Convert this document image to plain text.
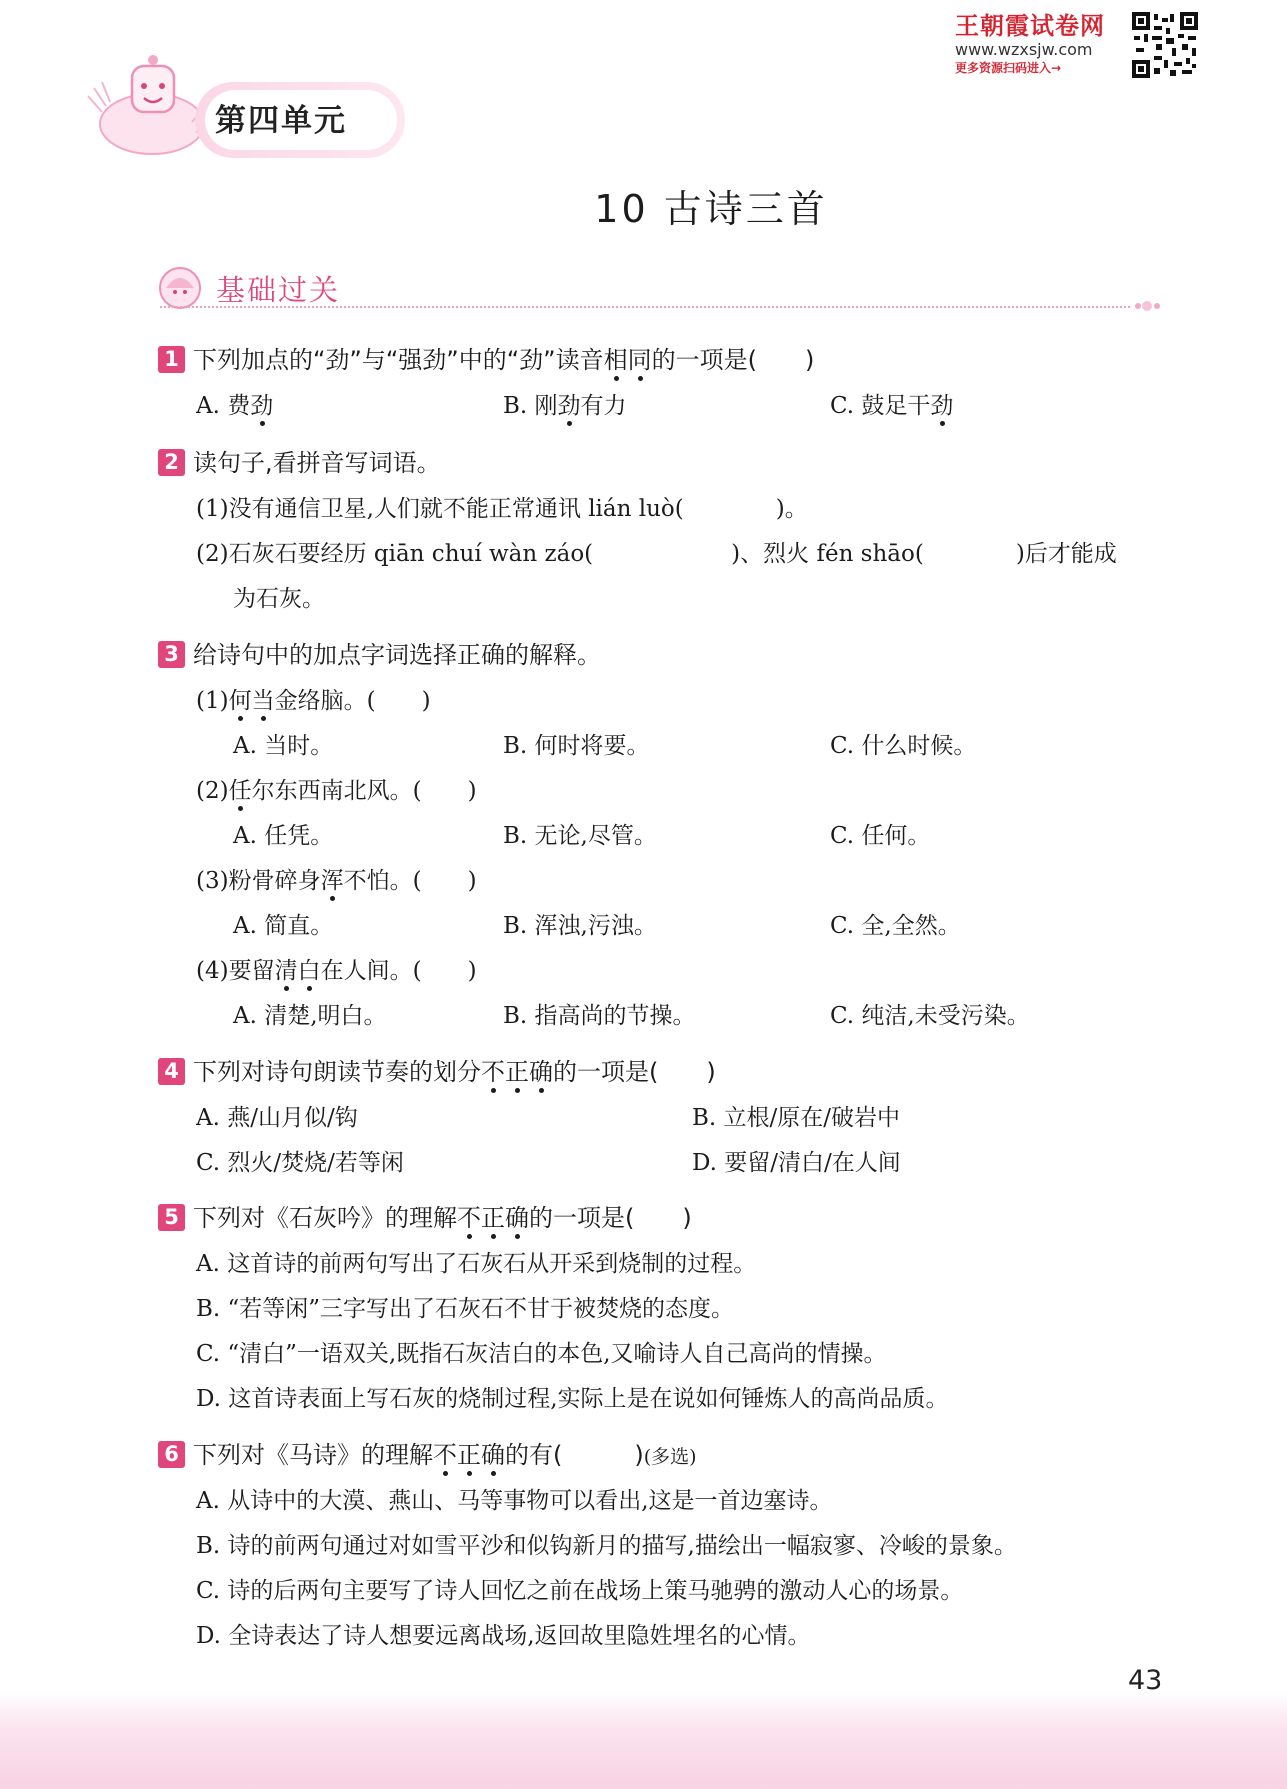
王朝霞试卷网
www.wzxsjw.com
更多资源扫码进入→
第四单元
10 古诗三首
基础过关
1 下列加点的“劲”与“强劲”中的“劲”读音相同的一项是(　　)
A. 费劲	B. 刚劲有力	C. 鼓足干劲
2 读句子,看拼音写词语。
(1)没有通信卫星,人们就不能正常通讯 lián luò(　　　　)。
(2)石灰石要经历 qiān chuí wàn záo(　　　　　　)、烈火 fén shāo(　　　　)后才能成
为石灰。
3 给诗句中的加点字词选择正确的解释。
(1)何当金络脑。(　　)
A. 当时。	B. 何时将要。	C. 什么时候。
(2)任尔东西南北风。(　　)
A. 任凭。	B. 无论,尽管。	C. 任何。
(3)粉骨碎身浑不怕。(　　)
A. 简直。	B. 浑浊,污浊。	C. 全,全然。
(4)要留清白在人间。(　　)
A. 清楚,明白。	B. 指高尚的节操。	C. 纯洁,未受污染。
4 下列对诗句朗读节奏的划分不正确的一项是(　　)
A. 燕/山月似/钩	B. 立根/原在/破岩中
C. 烈火/焚烧/若等闲	D. 要留/清白/在人间
5 下列对《石灰吟》的理解不正确的一项是(　　)
A. 这首诗的前两句写出了石灰石从开采到烧制的过程。
B. “若等闲”三字写出了石灰石不甘于被焚烧的态度。
C. “清白”一语双关,既指石灰洁白的本色,又喻诗人自己高尚的情操。
D. 这首诗表面上写石灰的烧制过程,实际上是在说如何锤炼人的高尚品质。
6 下列对《马诗》的理解不正确的有(　　　)(多选)
A. 从诗中的大漠、燕山、马等事物可以看出,这是一首边塞诗。
B. 诗的前两句通过对如雪平沙和似钩新月的描写,描绘出一幅寂寥、冷峻的景象。
C. 诗的后两句主要写了诗人回忆之前在战场上策马驰骋的激动人心的场景。
D. 全诗表达了诗人想要远离战场,返回故里隐姓埋名的心情。
43
